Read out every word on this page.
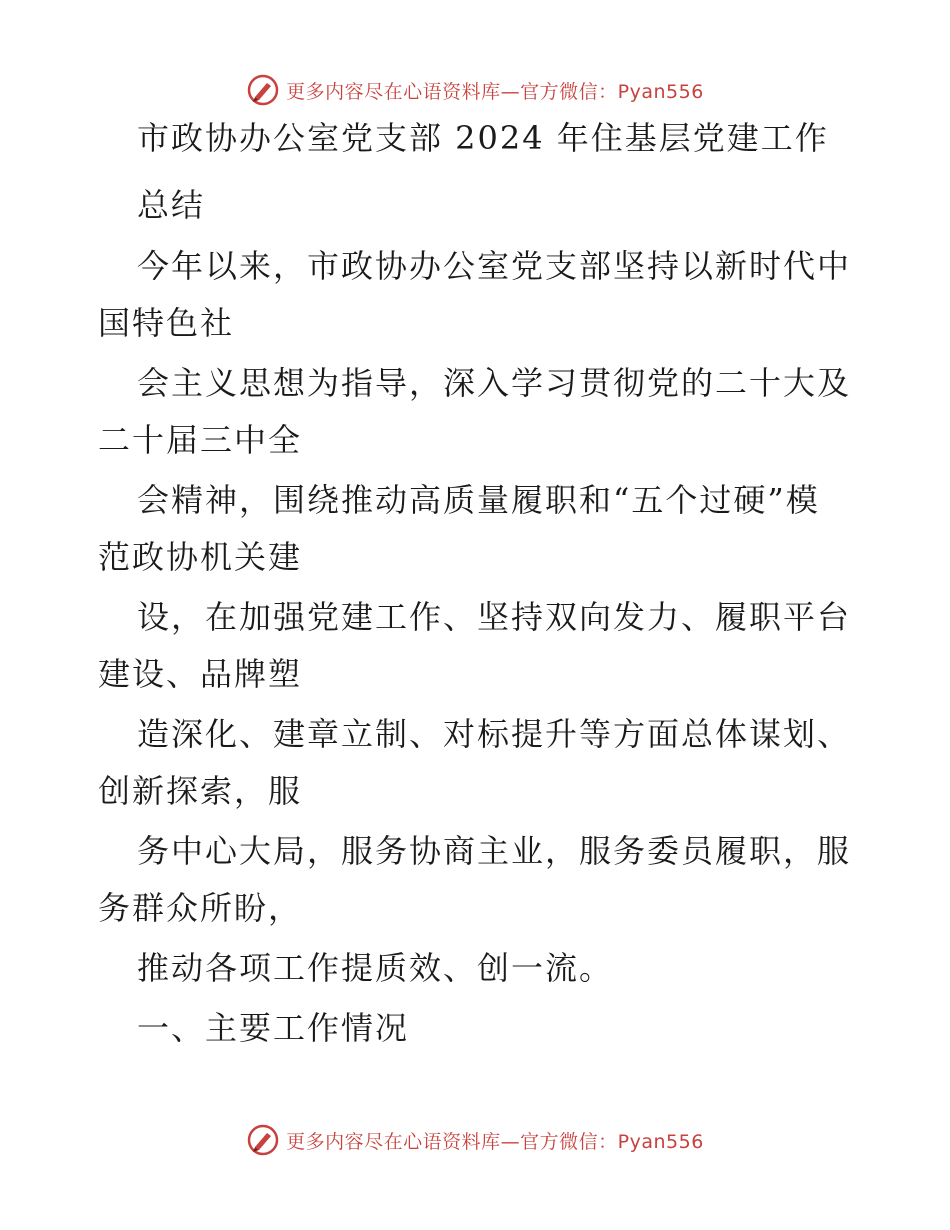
更多内容尽在心语资料库—官方微信：Pyan556
市政协办公室党支部 2024 年住基层党建工作
总结
今年以来，市政协办公室党支部坚持以新时代中
国特色社
会主义思想为指导，深入学习贯彻党的二十大及
二十届三中全
会精神，围绕推动高质量履职和“五个过硬”模
范政协机关建
设，在加强党建工作、坚持双向发力、履职平台
建设、品牌塑
造深化、建章立制、对标提升等方面总体谋划、
创新探索，服
务中心大局，服务协商主业，服务委员履职，服
务群众所盼，
推动各项工作提质效、创一流。
一、主要工作情况
更多内容尽在心语资料库—官方微信：Pyan556
